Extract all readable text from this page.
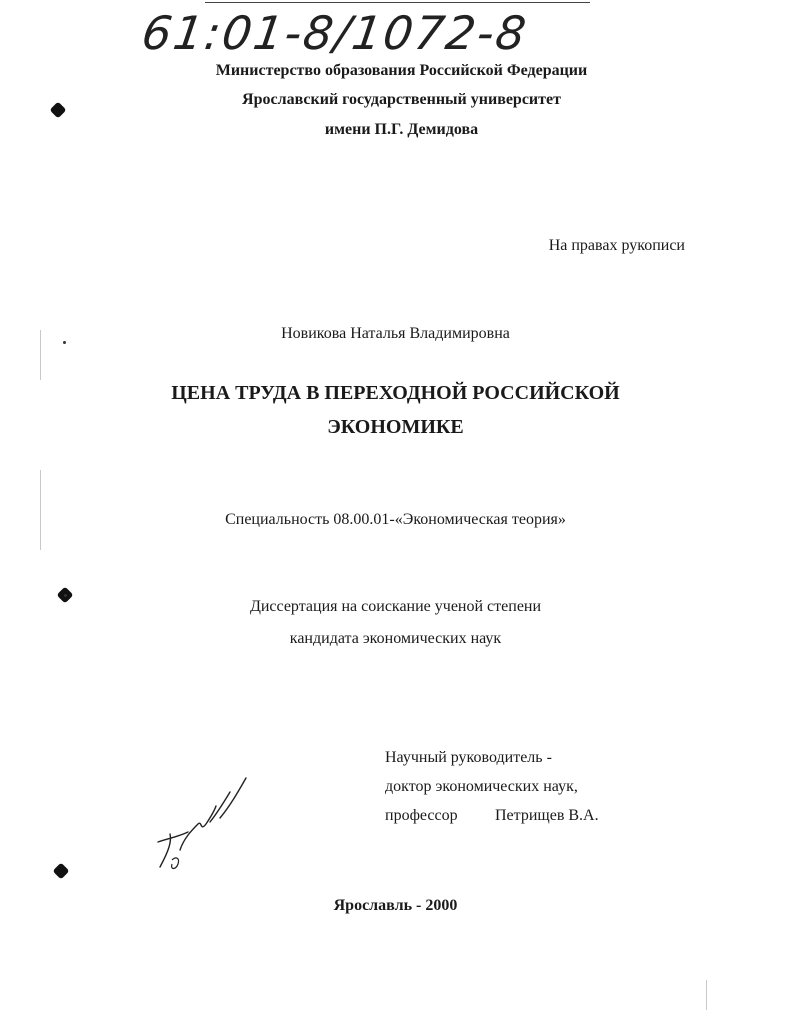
61:01-8/1072-8
Министерство образования Российской Федерации
Ярославский государственный университет
имени П.Г. Демидова
На правах рукописи
Новикова Наталья Владимировна
ЦЕНА ТРУДА В ПЕРЕХОДНОЙ РОССИЙСКОЙ
ЭКОНОМИКЕ
Специальность 08.00.01-«Экономическая теория»
Диссертация на соискание ученой степени
кандидата экономических наук
Научный руководитель -
доктор экономических наук,
профессор Петрищев В.А.
Ярославль - 2000
